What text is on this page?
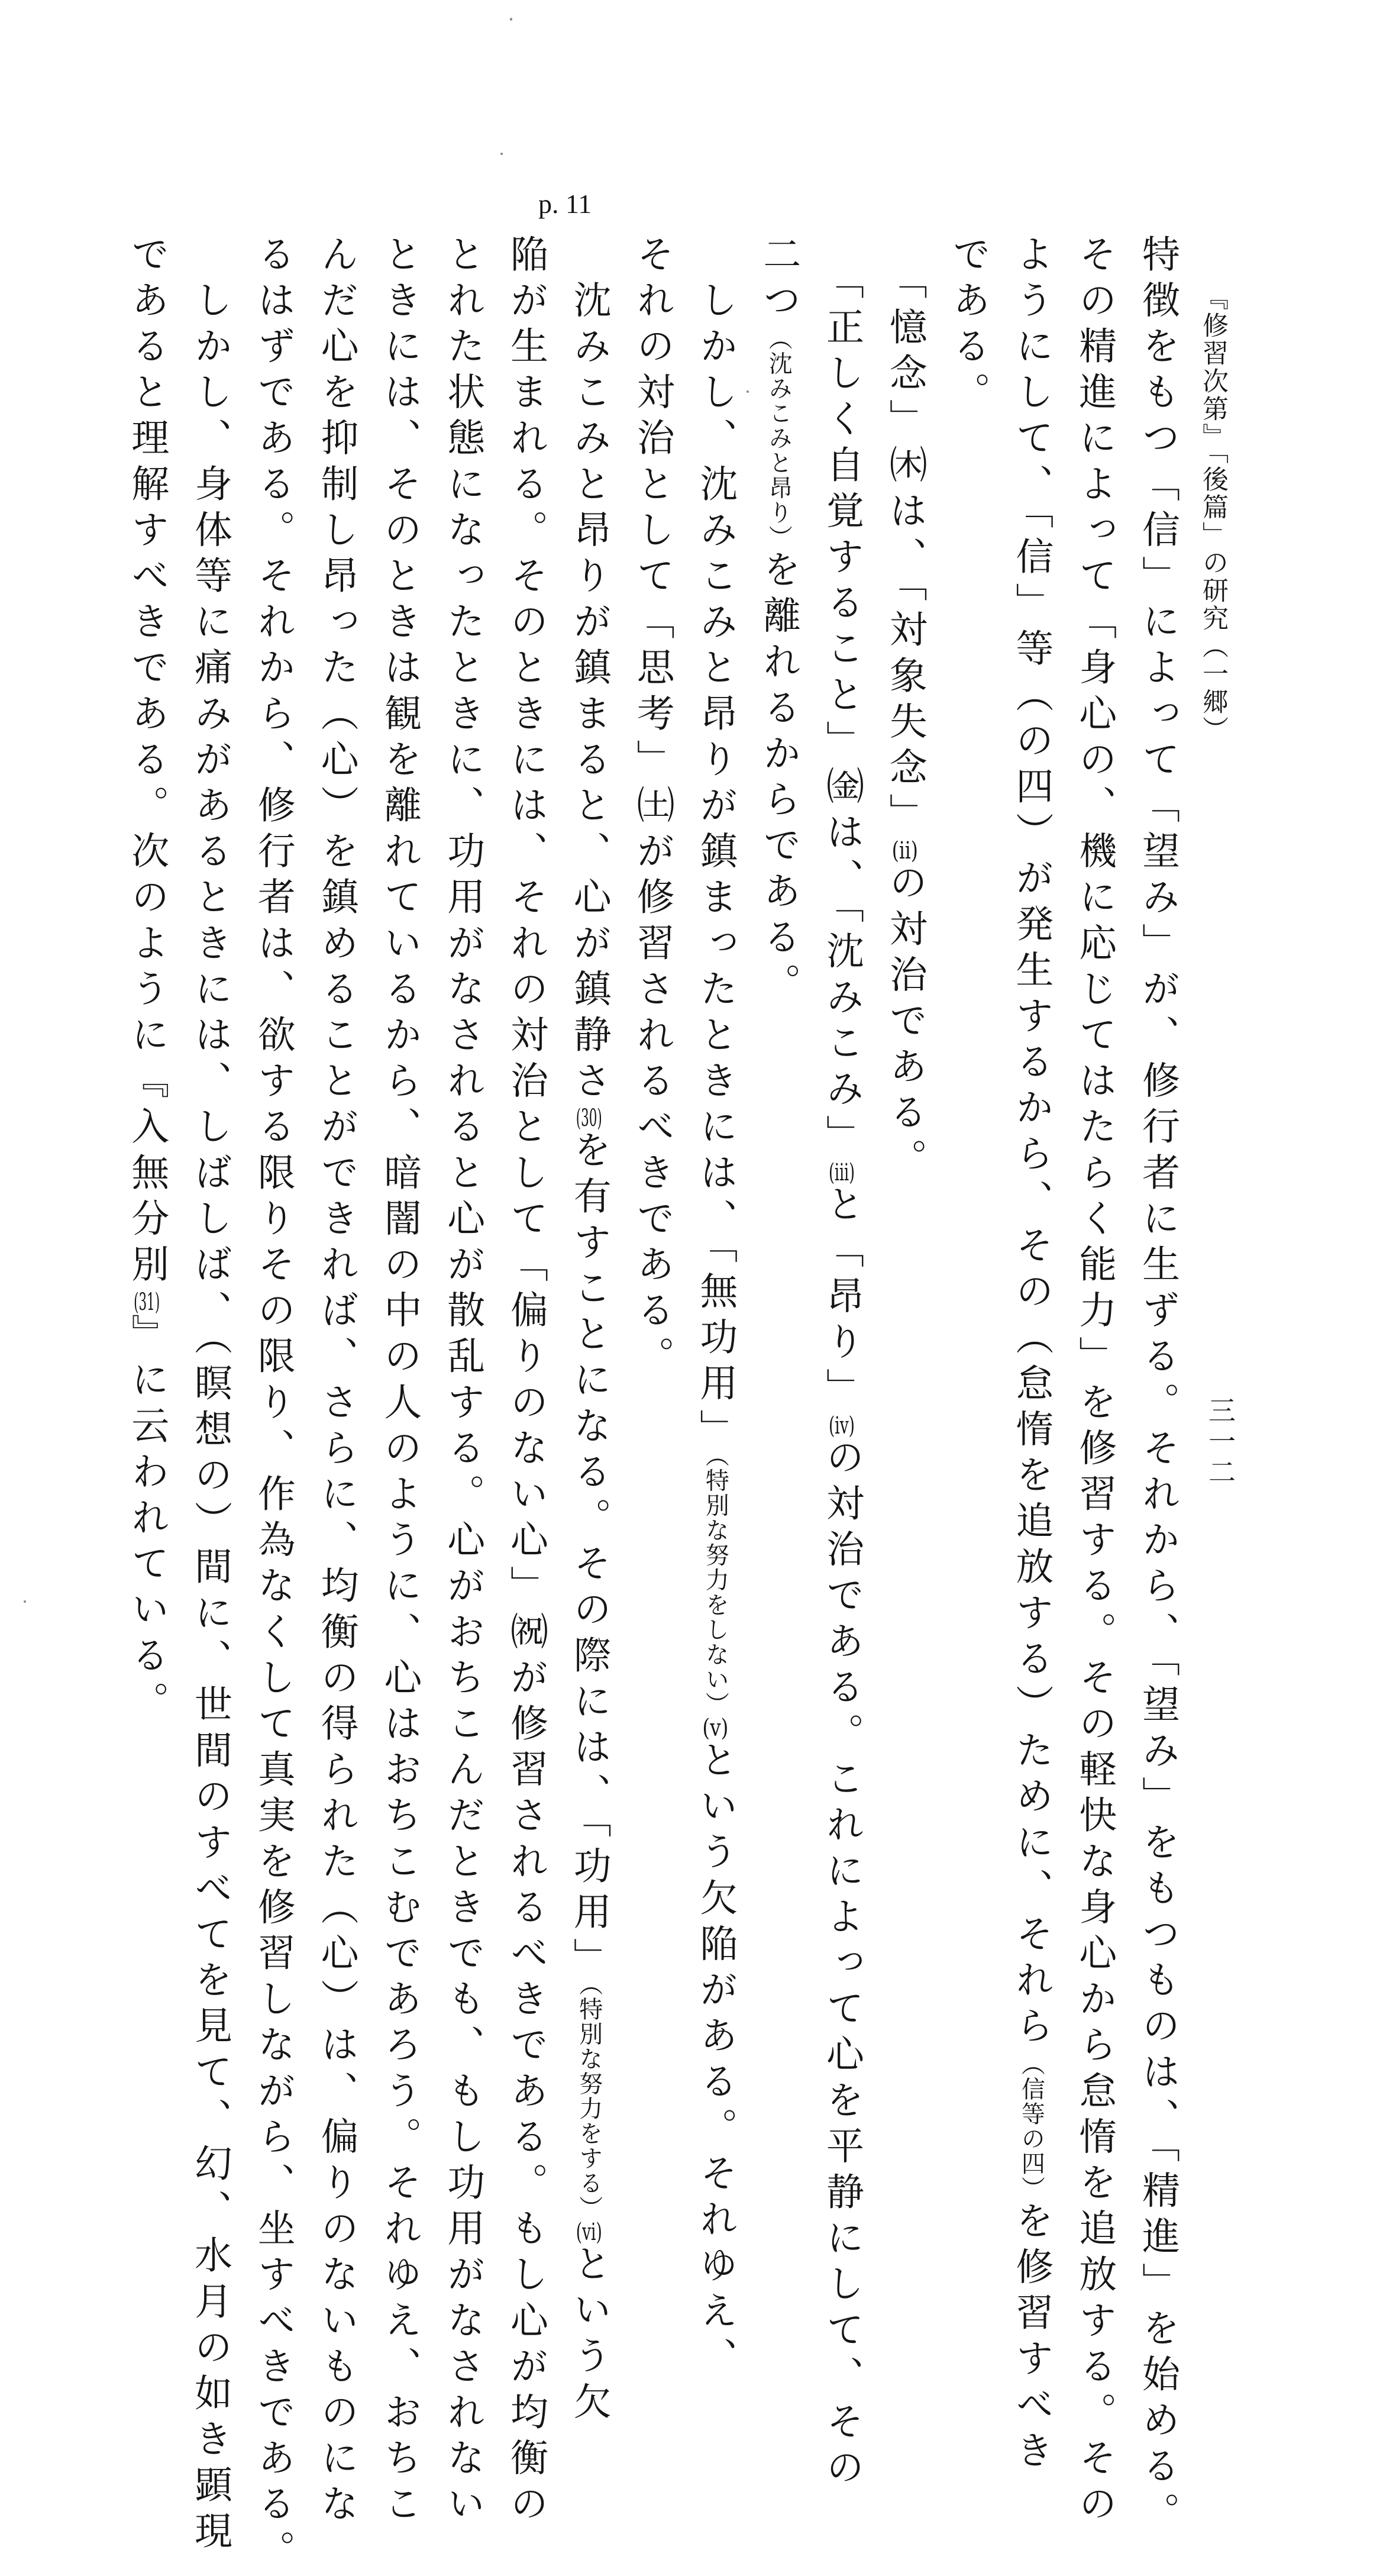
『修習次第』「後篇」の研究（一郷）
三一二
p. 11
特徴をもつ「信」によって「望み」が、修行者に生ずる。それから、「望み」をもつものは、「精進」を始める。
その精進によって「身心の、機に応じてはたらく能力」を修習する。その軽快な身心から怠惰を追放する。その
ようにして、「信」等（の四）が発生するから、その（怠惰を追放する）ために、それら（信等の四）を修習すべき
である。
　「憶念」㈭は、「対象失念」(ii)の対治である。
　「正しく自覚すること」㈮は、「沈みこみ」(iii)と「昂り」(iv)の対治である。これによって心を平静にして、その
二つ（沈みこみと昂り）を離れるからである。
　しかし、沈みこみと昂りが鎮まったときには、「無功用」（特別な努力をしない）(v)という欠陥がある。それゆえ、
それの対治として「思考」㈯が修習されるべきである。
　沈みこみと昂りが鎮まると、心が鎮静さ(30)を有すことになる。その際には、「功用」（特別な努力をする）(vi)という欠
陥が生まれる。そのときには、それの対治として「偏りのない心」㈷が修習されるべきである。もし心が均衡の
とれた状態になったときに、功用がなされると心が散乱する。心がおちこんだときでも、もし功用がなされない
ときには、そのときは観を離れているから、暗闇の中の人のように、心はおちこむであろう。それゆえ、おちこ
んだ心を抑制し昂った（心）を鎮めることができれば、さらに、均衡の得られた（心）は、偏りのないものにな
るはずである。それから、修行者は、欲する限りその限り、作為なくして真実を修習しながら、坐すべきである。
　しかし、身体等に痛みがあるときには、しばしば、（瞑想の）間に、世間のすべてを見て、幻、水月の如き顕現
であると理解すべきである。次のように『入無分別(31)』に云われている。
